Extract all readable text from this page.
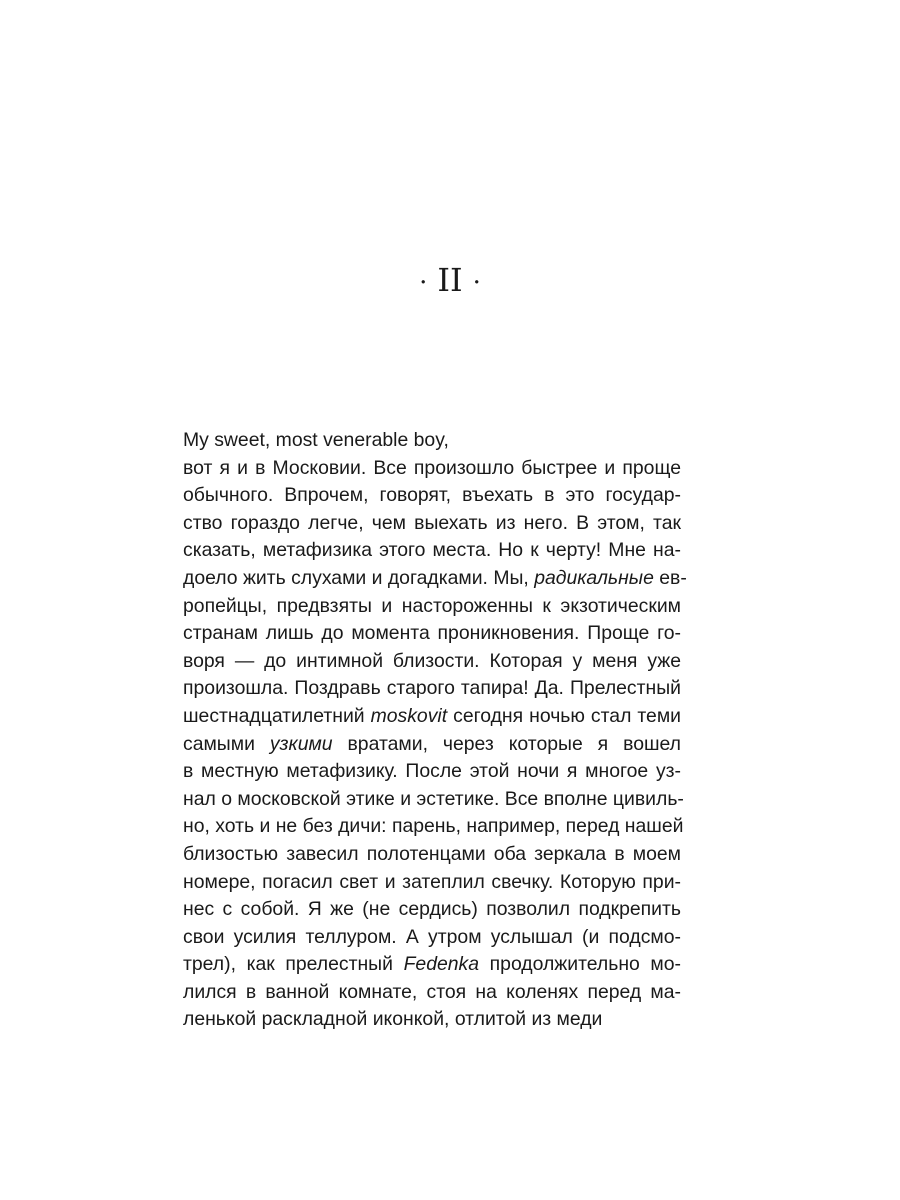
· II ·
My sweet, most venerable boy,
вот я и в Московии. Все произошло быстрее и проще
обычного. Впрочем, говорят, въехать в это государ-
ство гораздо легче, чем выехать из него. В этом, так
сказать, метафизика этого места. Но к черту! Мне на-
доело жить слухами и догадками. Мы, радикальные ев-
ропейцы, предвзяты и настороженны к экзотическим
странам лишь до момента проникновения. Проще го-
воря — до интимной близости. Которая у меня уже
произошла. Поздравь старого тапира! Да. Прелестный
шестнадцатилетний moskovit сегодня ночью стал теми
самыми узкими вратами, через которые я вошел
в местную метафизику. После этой ночи я многое уз-
нал о московской этике и эстетике. Все вполне цивиль-
но, хоть и не без дичи: парень, например, перед нашей
близостью завесил полотенцами оба зеркала в моем
номере, погасил свет и затеплил свечку. Которую при-
нес с собой. Я же (не сердись) позволил подкрепить
свои усилия теллуром. А утром услышал (и подсмо-
трел), как прелестный Fedenka продолжительно мо-
лился в ванной комнате, стоя на коленях перед ма-
ленькой раскладной иконкой, отлитой из меди
